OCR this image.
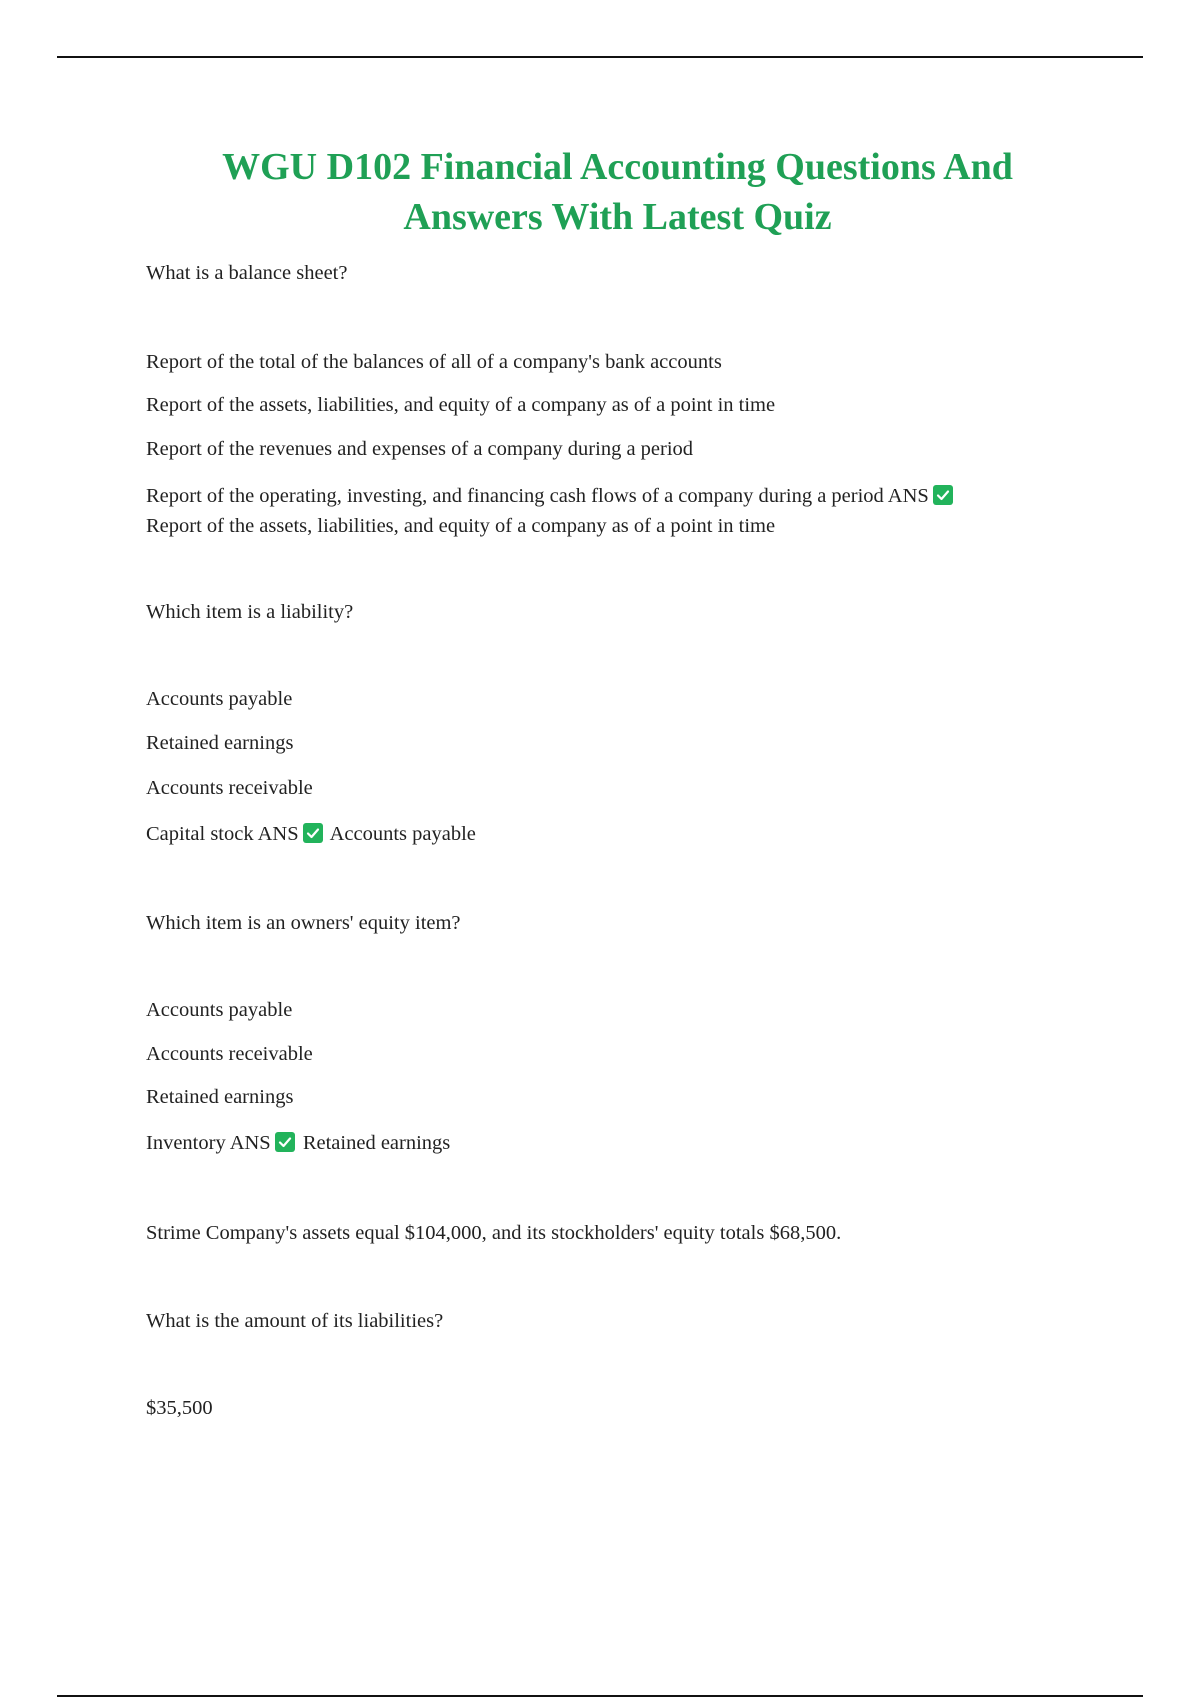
WGU D102 Financial Accounting Questions And
Answers With Latest Quiz

What is a balance sheet?

Report of the total of the balances of all of a company's bank accounts

Report of the assets, liabilities, and equity of a company as of a point in time

Report of the revenues and expenses of a company during a period

Report of the operating, investing, and financing cash flows of a company during a period ANS

Report of the assets, liabilities, and equity of a company as of a point in time

Which item is a liability?

Accounts payable

Retained earnings

Accounts receivable

Capital stock ANS Accounts payable

Which item is an owners' equity item?

Accounts payable

Accounts receivable

Retained earnings

Inventory ANS Retained earnings

Strime Company's assets equal $104,000, and its stockholders' equity totals $68,500.

What is the amount of its liabilities?

$35,500
